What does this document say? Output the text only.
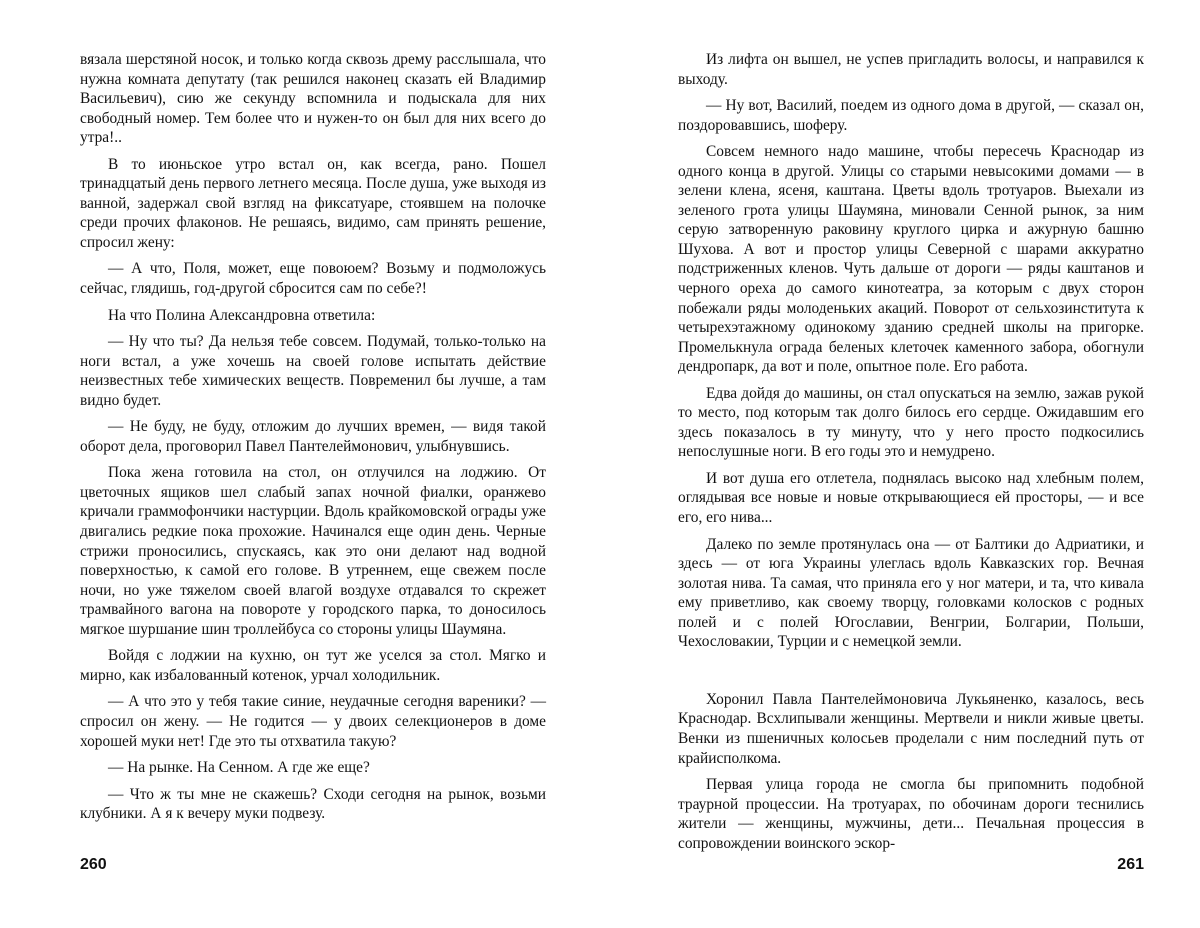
вязала шерстяной носок, и только когда сквозь дрему расслышала, что нужна комната депутату (так решился наконец сказать ей Владимир Васильевич), сию же секунду вспомнила и подыскала для них свободный номер. Тем более что и нужен-то он был для них всего до утра!..

В то июньское утро встал он, как всегда, рано. Пошел тринадцатый день первого летнего месяца. После душа, уже выходя из ванной, задержал свой взгляд на фиксатуаре, стоявшем на полочке среди прочих флаконов. Не решаясь, видимо, сам принять решение, спросил жену:

— А что, Поля, может, еще повоюем? Возьму и подмоложусь сейчас, глядишь, год-другой сбросится сам по себе?!

На что Полина Александровна ответила:

— Ну что ты? Да нельзя тебе совсем. Подумай, только-только на ноги встал, а уже хочешь на своей голове испытать действие неизвестных тебе химических веществ. Повременил бы лучше, а там видно будет.

— Не буду, не буду, отложим до лучших времен, — видя такой оборот дела, проговорил Павел Пантелеймонович, улыбнувшись.

Пока жена готовила на стол, он отлучился на лоджию. От цветочных ящиков шел слабый запах ночной фиалки, оранжево кричали граммофончики настурции. Вдоль крайкомовской ограды уже двигались редкие пока прохожие. Начинался еще один день. Черные стрижи проносились, спускаясь, как это они делают над водной поверхностью, к самой его голове. В утреннем, еще свежем после ночи, но уже тяжелом своей влагой воздухе отдавался то скрежет трамвайного вагона на повороте у городского парка, то доносилось мягкое шуршание шин троллейбуса со стороны улицы Шаумяна.

Войдя с лоджии на кухню, он тут же уселся за стол. Мягко и мирно, как избалованный котенок, урчал холодильник.

— А что это у тебя такие синие, неудачные сегодня вареники? — спросил он жену. — Не годится — у двоих селекционеров в доме хорошей муки нет! Где это ты отхватила такую?

— На рынке. На Сенном. А где же еще?

— Что ж ты мне не скажешь? Сходи сегодня на рынок, возьми клубники. А я к вечеру муки подвезу.

260

Из лифта он вышел, не успев пригладить волосы, и направился к выходу.

— Ну вот, Василий, поедем из одного дома в другой, — сказал он, поздоровавшись, шоферу.

Совсем немного надо машине, чтобы пересечь Краснодар из одного конца в другой. Улицы со старыми невысокими домами — в зелени клена, ясеня, каштана. Цветы вдоль тротуаров. Выехали из зеленого грота улицы Шаумяна, миновали Сенной рынок, за ним серую затворенную раковину круглого цирка и ажурную башню Шухова. А вот и простор улицы Северной с шарами аккуратно подстриженных кленов. Чуть дальше от дороги — ряды каштанов и черного ореха до самого кинотеатра, за которым с двух сторон побежали ряды молоденьких акаций. Поворот от сельхозинститута к четырехэтажному одинокому зданию средней школы на пригорке. Промелькнула ограда беленых клеточек каменного забора, обогнули дендропарк, да вот и поле, опытное поле. Его работа.

Едва дойдя до машины, он стал опускаться на землю, зажав рукой то место, под которым так долго билось его сердце. Ожидавшим его здесь показалось в ту минуту, что у него просто подкосились непослушные ноги. В его годы это и немудрено.

И вот душа его отлетела, поднялась высоко над хлебным полем, оглядывая все новые и новые открывающиеся ей просторы, — и все его, его нива...

Далеко по земле протянулась она — от Балтики до Адриатики, и здесь — от юга Украины улеглась вдоль Кавказских гор. Вечная золотая нива. Та самая, что приняла его у ног матери, и та, что кивала ему приветливо, как своему творцу, головками колосков с родных полей и с полей Югославии, Венгрии, Болгарии, Польши, Чехословакии, Турции и с немецкой земли.

Хоронил Павла Пантелеймоновича Лукьяненко, казалось, весь Краснодар. Всхлипывали женщины. Мертвели и никли живые цветы. Венки из пшеничных колосьев проделали с ним последний путь от крайисполкома.

Первая улица города не смогла бы припомнить подобной траурной процессии. На тротуарах, по обочинам дороги теснились жители — женщины, мужчины, дети... Печальная процессия в сопровождении воинского эскор-

261
